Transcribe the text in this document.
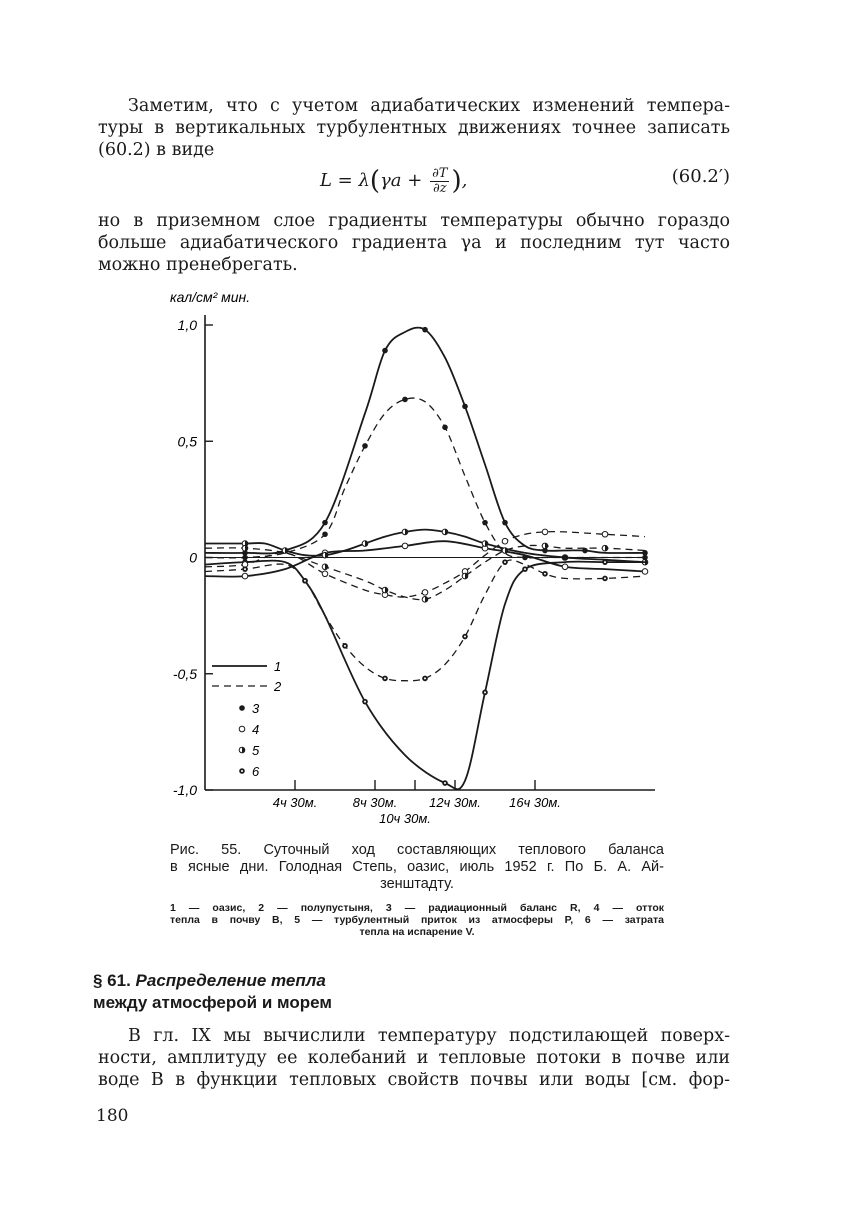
Заметим, что с учетом адиабатических изменений темпера-
туры в вертикальных турбулентных движениях точнее записать
(60.2) в виде
$L = \lambda(\gamma a + \frac{\partial T}{\partial z}$ ),	(60.2′)
но в приземном слое градиенты температуры обычно гораздо
больше адиабатического градиента γa и последним тут часто
можно пренебрегать.
кал/см² мин.
1,0
0,5
0
-0,5
-1,0
4ч 30м.	8ч 30м. 12ч 30м. 16ч 30м.
10ч 30м.
1
2
3
4
5
6
Рис. 55. Суточный ход составляющих теплового баланса
в ясные дни. Голодная Степь, оазис, июль 1952 г. По Б. А. Ай-
зенштадту.
1 — оазис, 2 — полупустыня, 3 — радиационный баланс R, 4 — отток
тепла в почву B, 5 — турбулентный приток из атмосферы P, 6 — затрата
тепла на испарение V.
§ 61. Распределение тепла
между атмосферой и морем
В гл. IX мы вычислили температуру подстилающей поверх-
ности, амплитуду ее колебаний и тепловые потоки в почве или
воде B в функции тепловых свойств почвы или воды [см. фор-
180
